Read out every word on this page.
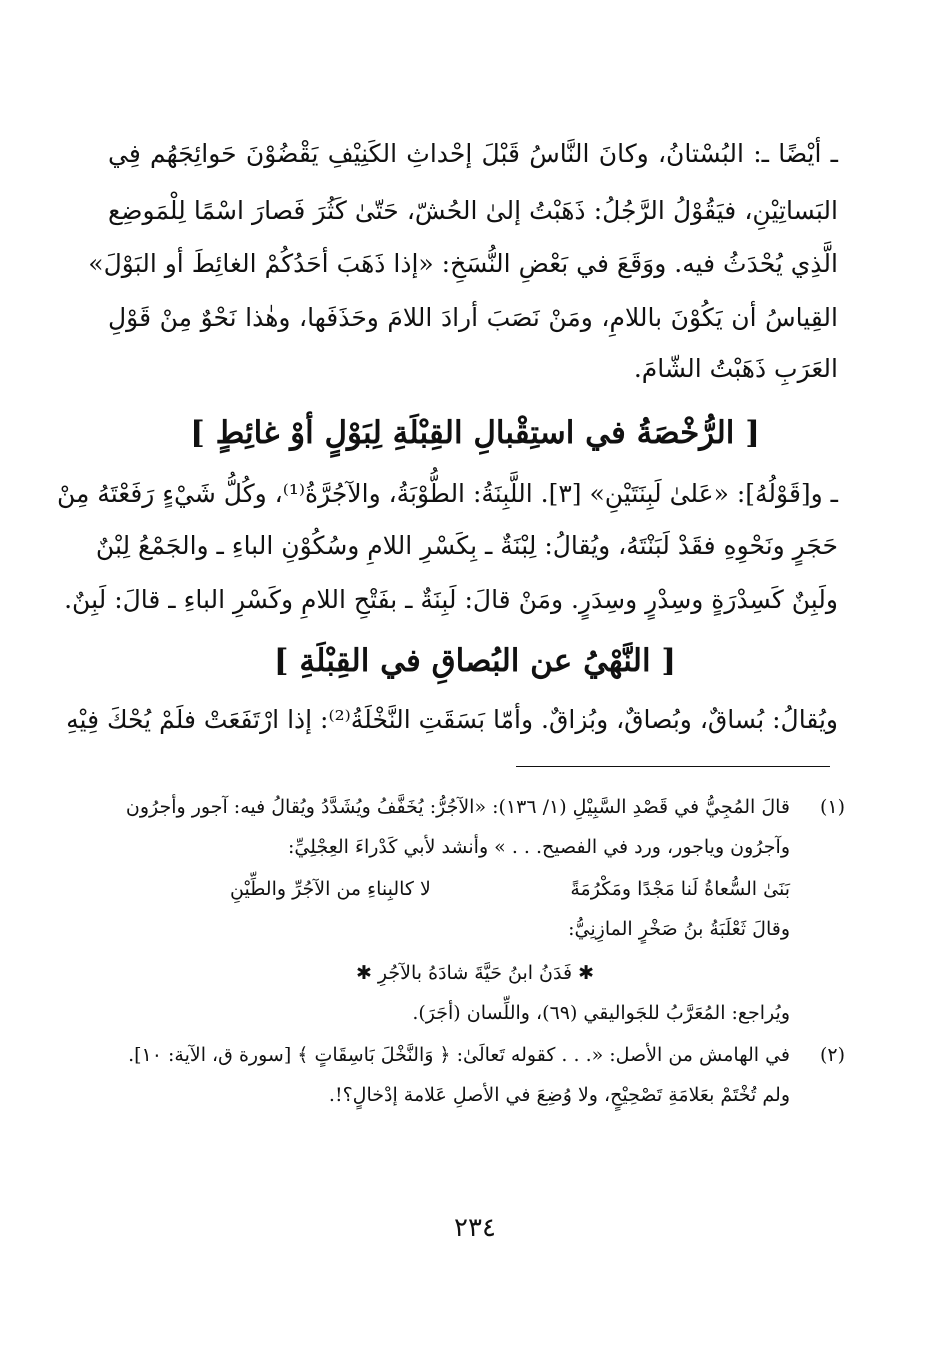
ـ أيْضًا ـ: البُسْتانُ، وكانَ النَّاسُ قَبْلَ إحْداثِ الكَنِيْفِ يَقْضُوْنَ حَوائِجَهُم فِي
البَساتِيْنِ، فيَقُوْلُ الرَّجُلُ: ذَهَبْتُ إلىٰ الحُشّ، حَتّىٰ كَثُرَ فَصارَ اسْمًا لِلْمَوضِع
الَّذِي يُحْدَثُ فيه. ووَقَعَ في بَعْضِ النُّسَخِ: «إذا ذَهَبَ أحَدُكُمْ الغائِطَ أو البَوْلَ»
القِياسُ أن يَكُوْنَ باللامِ، ومَنْ نَصَبَ أرادَ اللامَ وحَذَفَها، وهٰذا نَحْوٌ مِنْ قَوْلِ
العَرَبِ ذَهَبْتُ الشّامَ.
[ الرُّخْصَةُ في استِقْبالِ القِبْلَةِ لِبَوْلٍ أوْ غائِطٍ ]
ـ و[قَوْلُهُ]: «عَلىٰ لَبِنَتَيْنِ» [٣]. اللَّبِنَةُ: الطُّوْبَةُ، والآجُرَّةُ⁽¹⁾، وكُلُّ شَيْءٍ رَفَعْتَهُ مِنْ
حَجَرٍ ونَحْوِهِ فقَدْ لَبَنْتَهُ، ويُقالُ: لِبْنَةٌ ـ بِكَسْرِ اللامِ وسُكُوْنِ الباءِ ـ والجَمْعُ لِبْنٌ
ولَبِنٌ كَسِدْرَةٍ وسِدْرٍ وسِدَرٍ. ومَنْ قالَ: لَبِنَةٌ ـ بفَتْحِ اللامِ وكَسْرِ الباءِ ـ قالَ: لَبِنٌ.
[ النَّهْيُ عن البُصاقِ في القِبْلَةِ ]
ويُقالُ: بُساقٌ، وبُصاقٌ، وبُزاقٌ. وأمّا بَسَقَتِ النَّخْلَةُ⁽²⁾: إذا ارْتَفَعَتْ فلَمْ يُحْكَ فِيْهِ
(١)
قالَ المُجِيُّ في قَصْدِ السَّبِيْلِ (١/ ١٣٦): «الآجُرُّ: يُخَفَّفُ ويُشَدَّدُ ويُقالُ فيه: آجور وأجرُون
وآجرُون وياجور، ورد في الفصيح. . . » وأنشد لأبي كَدْراءَ العِجْلِيِّ:
بَنَىٰ السُّعاةُ لَنا مَجْدًا ومَكْرُمَةً
لا كالبِناءِ من الآجُرِّ والطِّيْنِ
وقالَ ثَعْلَبَةُ بنُ صَخْرٍ المازِنِيُّ:
✱ فَدَنُ ابنُ حَيَّةَ شادَهُ بالآجُرِ ✱
ويُراجع: المُعَرَّبُ للجَواليقي (٦٩)، واللِّسان (أجَرَ).
(٢)
في الهامش من الأصل: «. . . كقوله تَعالَىٰ: ﴿ وَالنَّخْلَ بَاسِقَاتٍ ﴾ [سورة ق، الآية: ١٠].
ولم تُخْتَمْ بعَلامَةِ تَصْحِيْحٍ، ولا وُضِعَ في الأصلِ عَلامة إدْخالٍ؟!.
٢٣٤
